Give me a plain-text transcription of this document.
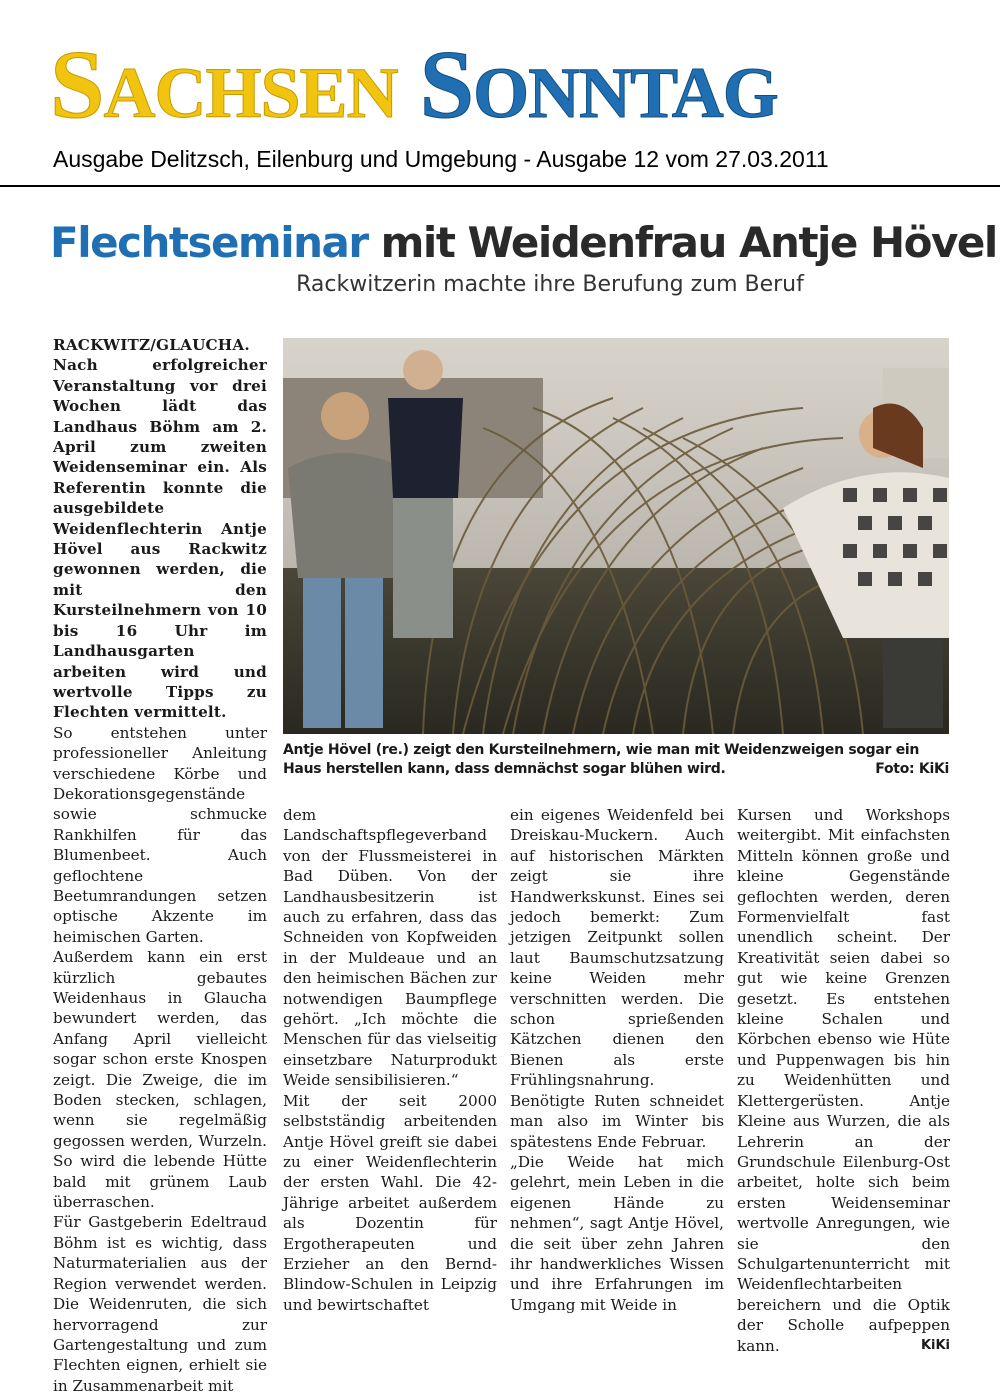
SACHSEN SONNTAG
Ausgabe Delitzsch, Eilenburg und Umgebung - Ausgabe 12 vom 27.03.2011
Flechtseminar mit Weidenfrau Antje Hövel
Rackwitzerin machte ihre Berufung zum Beruf

RACKWITZ/GLAUCHA. Nach erfolgreicher Veranstaltung vor drei Wochen lädt das Landhaus Böhm am 2. April zum zweiten Weidenseminar ein. Als Referentin konnte die ausgebildete Weidenflechterin Antje Hövel aus Rackwitz gewonnen werden, die mit den Kursteilnehmern von 10 bis 16 Uhr im Landhausgarten arbeiten wird und wertvolle Tipps zu Flechten vermittelt.

So entstehen unter professioneller Anleitung verschiedene Körbe und Dekorationsgegenstände sowie schmucke Rankhilfen für das Blumenbeet. Auch geflochtene Beetumrandungen setzen optische Akzente im heimischen Garten.

Außerdem kann ein erst kürzlich gebautes Weidenhaus in Glaucha bewundert werden, das Anfang April vielleicht sogar schon erste Knospen zeigt. Die Zweige, die im Boden stecken, schlagen, wenn sie regelmäßig gegossen werden, Wurzeln. So wird die lebende Hütte bald mit grünem Laub überraschen.

Für Gastgeberin Edeltraud Böhm ist es wichtig, dass Naturmaterialien aus der Region verwendet werden. Die Weidenruten, die sich hervorragend zur Gartengestaltung und zum Flechten eignen, erhielt sie in Zusammenarbeit mit

Antje Hövel (re.) zeigt den Kursteilnehmern, wie man mit Weidenzweigen sogar ein Haus herstellen kann, dass demnächst sogar blühen wird.	Foto: KiKi

dem Landschaftspflegeverband von der Flussmeisterei in Bad Düben. Von der Landhausbesitzerin ist auch zu erfahren, dass das Schneiden von Kopfweiden in der Muldeaue und an den heimischen Bächen zur notwendigen Baumpflege gehört. „Ich möchte die Menschen für das vielseitig einsetzbare Naturprodukt Weide sensibilisieren.“

Mit der seit 2000 selbstständig arbeitenden Antje Hövel greift sie dabei zu einer Weidenflechterin der ersten Wahl. Die 42-Jährige arbeitet außerdem als Dozentin für Ergotherapeuten und Erzieher an den Bernd-Blindow-Schulen in Leipzig und bewirtschaftet

ein eigenes Weidenfeld bei Dreiskau-Muckern. Auch auf historischen Märkten zeigt sie ihre Handwerkskunst. Eines sei jedoch bemerkt: Zum jetzigen Zeitpunkt sollen laut Baumschutzsatzung keine Weiden mehr verschnitten werden. Die schon sprießenden Kätzchen dienen den Bienen als erste Frühlingsnahrung. Benötigte Ruten schneidet man also im Winter bis spätestens Ende Februar.

„Die Weide hat mich gelehrt, mein Leben in die eigenen Hände zu nehmen“, sagt Antje Hövel, die seit über zehn Jahren ihr handwerkliches Wissen und ihre Erfahrungen im Umgang mit Weide in

Kursen und Workshops weitergibt. Mit einfachsten Mitteln können große und kleine Gegenstände geflochten werden, deren Formenvielfalt fast unendlich scheint. Der Kreativität seien dabei so gut wie keine Grenzen gesetzt. Es entstehen kleine Schalen und Körbchen ebenso wie Hüte und Puppenwagen bis hin zu Weidenhütten und Klettergerüsten. Antje Kleine aus Wurzen, die als Lehrerin an der Grundschule Eilenburg-Ost arbeitet, holte sich beim ersten Weidenseminar wertvolle Anregungen, wie sie den Schulgartenunterricht mit Weidenflechtarbeiten bereichern und die Optik der Scholle aufpeppen kann.	KiKi
